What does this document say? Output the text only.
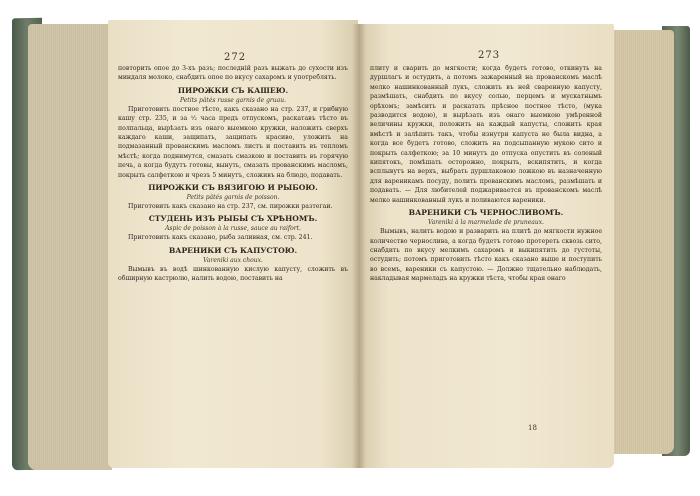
272

повторить опое до 3-хъ разъ; последній разъ выжать до сухости изъ миндаля молоко, снабдить опое по вкусу сахаромъ и употреблять.

ПИРОЖКИ СЪ КАШЕЮ.

Petits pâtés russe garnis de gruau.

Приготовить постное тѣсто, какъ сказано на стр. 237, и грибную кашу стр. 235, и за ¹⁄₂ часа предъ отпускомъ, раскатавъ тѣсто въ полпальца, вырѣзать изъ онаго выемкою кружки, наложить сверхъ каждаго каши, защипать, защипать красиво, уложить на подмазанный прованскимъ масломъ листъ и поставить въ тепломъ мѣстѣ; когда поднимутся, смазать смазкою и поставить въ горячую печь, а когда будутъ готовы, вынуть, смазать прованскимъ масломъ, покрыть салфеткою и чрезъ 5 минутъ, сложивъ на блюдо, подавать.

ПИРОЖКИ СЪ ВЯЗИГОЮ И РЫБОЮ.

Petits pâtés garnis de poisson.

Приготовить какъ сказано на стр. 237, см. пирожки разтегаи.

СТУДЕНЬ ИЗЪ РЫБЫ СЪ ХРѢНОМЪ.

Aspic de poisson à la russe, sauce au raifort.

Приготовить какъ сказано, рыба заливная, см. стр. 241.

ВАРЕНИКИ СЪ КАПУСТОЮ.

Vareniki aux choux.

Вымывъ въ водѣ шинкованную кислую капусту, сложить въ обширную кастрюлю, налить водою, поставить на

273

плиту и сварить до мягкости; когда будетъ готово, откинуть на дуршлагъ и остудить, а потомъ зажаренный на прованскомъ маслѣ мелко нашинкованный лукъ, сложить въ ней сваренную капусту, размѣшать, снабдить по вкусу солью, перцемъ и мускатнымъ орѣхомъ; замѣсить и раскатать прѣсное постное тѣсто, (мука разводится водою), и вырѣзать изъ онаго выемкою умѣренной величины кружки, положить на каждый капусты, сложить края вмѣстѣ и залѣпить такъ, чтобы изнутри капуста не была видна, а когда все будетъ готово, сложить на подсыпанную мукою сито и покрыть салфеткою; за 10 минутъ до отпуска опустить въ соленый кипятокъ, помѣшать осторожно, покрыть, вскипятить, и когда всплывутъ на верхъ, выбрать дуршлаковою ложкою въ назначенную для вареникамъ посуду, полить прованскимъ масломъ, размѣшать и подавать. — Для любителей поджаривается въ прованскомъ маслѣ мелко нашинкованный лукъ и поливаются вареники.

ВАРЕНИКИ СЪ ЧЕРНОСЛИВОМЪ.

Vareniki à la marmelade de pruneaux.

Вымывъ, налить водою и разварить на плитѣ до мягкости нужное количество чернослива, а когда будетъ готово протереть сквозь сито, снабдить по вкусу мелкимъ сахаромъ и выкипятить до густоты, остудить; потомъ приготовить тѣсто какъ сказано выше и поступить во всемъ, вареники съ капустою. — Должно тщательно наблюдать, накладывая мармеладъ на кружки тѣста, чтобы края онаго

18
